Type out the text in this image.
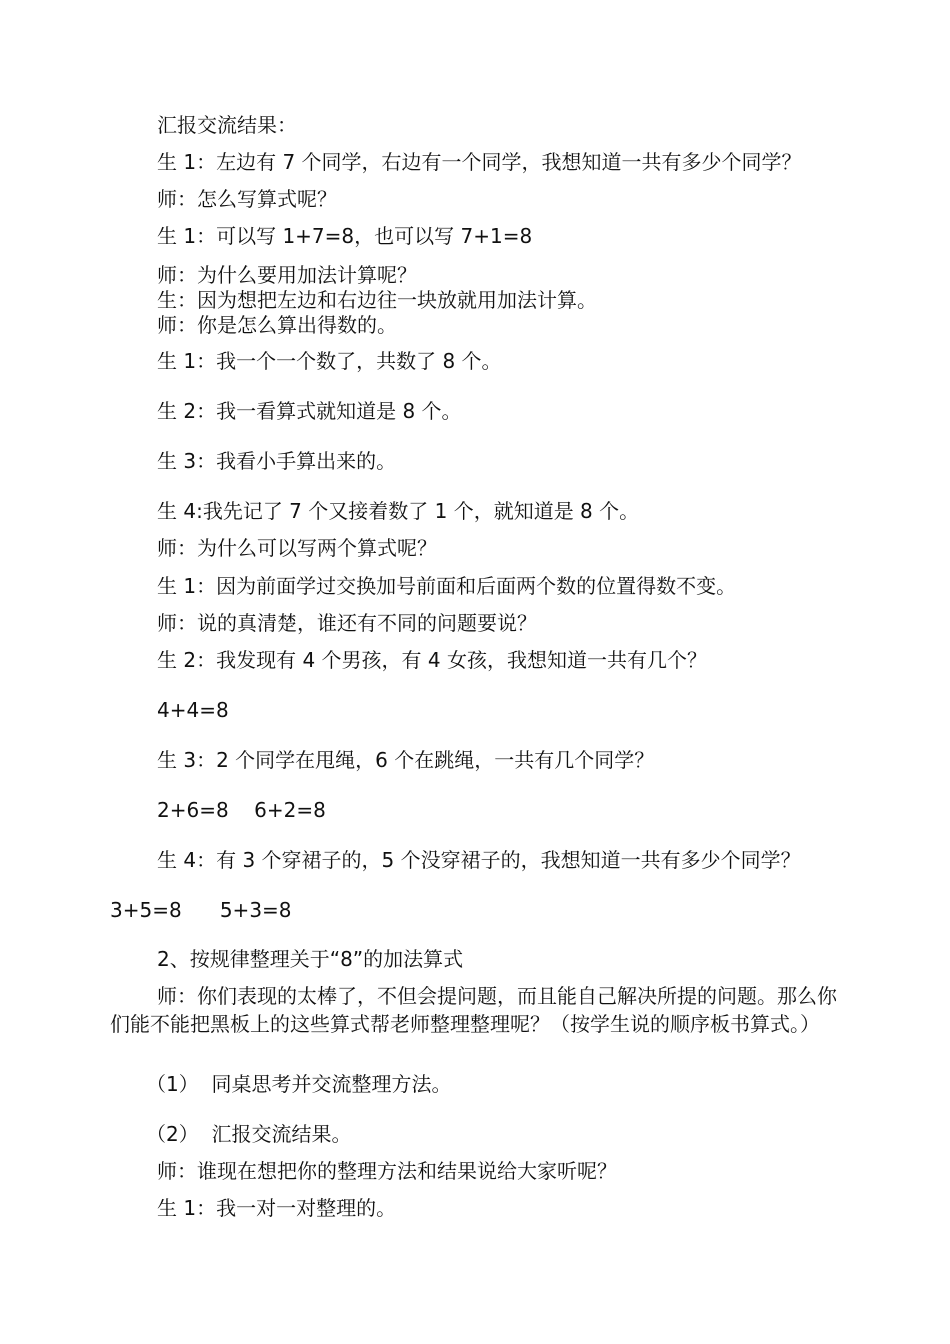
汇报交流结果：
生 1：左边有 7 个同学，右边有一个同学，我想知道一共有多少个同学？
师：怎么写算式呢？
生 1：可以写 1+7=8，也可以写 7+1=8
师：为什么要用加法计算呢？
生：因为想把左边和右边往一块放就用加法计算。
师：你是怎么算出得数的。
生 1：我一个一个数了，共数了 8 个。
生 2：我一看算式就知道是 8 个。
生 3：我看小手算出来的。
生 4:我先记了 7 个又接着数了 1 个，就知道是 8 个。
师：为什么可以写两个算式呢？
生 1：因为前面学过交换加号前面和后面两个数的位置得数不变。
师：说的真清楚，谁还有不同的问题要说？
生 2：我发现有 4 个男孩，有 4 女孩，我想知道一共有几个？
4+4=8
生 3：2 个同学在甩绳，6 个在跳绳，一共有几个同学？
2+6=8    6+2=8
生 4：有 3 个穿裙子的，5 个没穿裙子的，我想知道一共有多少个同学？
3+5=8      5+3=8
2、按规律整理关于“8”的加法算式
师：你们表现的太棒了，不但会提问题，而且能自己解决所提的问题。那么你们能不能把黑板上的这些算式帮老师整理整理呢？（按学生说的顺序板书算式。）
（1）  同桌思考并交流整理方法。
（2）  汇报交流结果。
师：谁现在想把你的整理方法和结果说给大家听呢？
生 1：我一对一对整理的。
